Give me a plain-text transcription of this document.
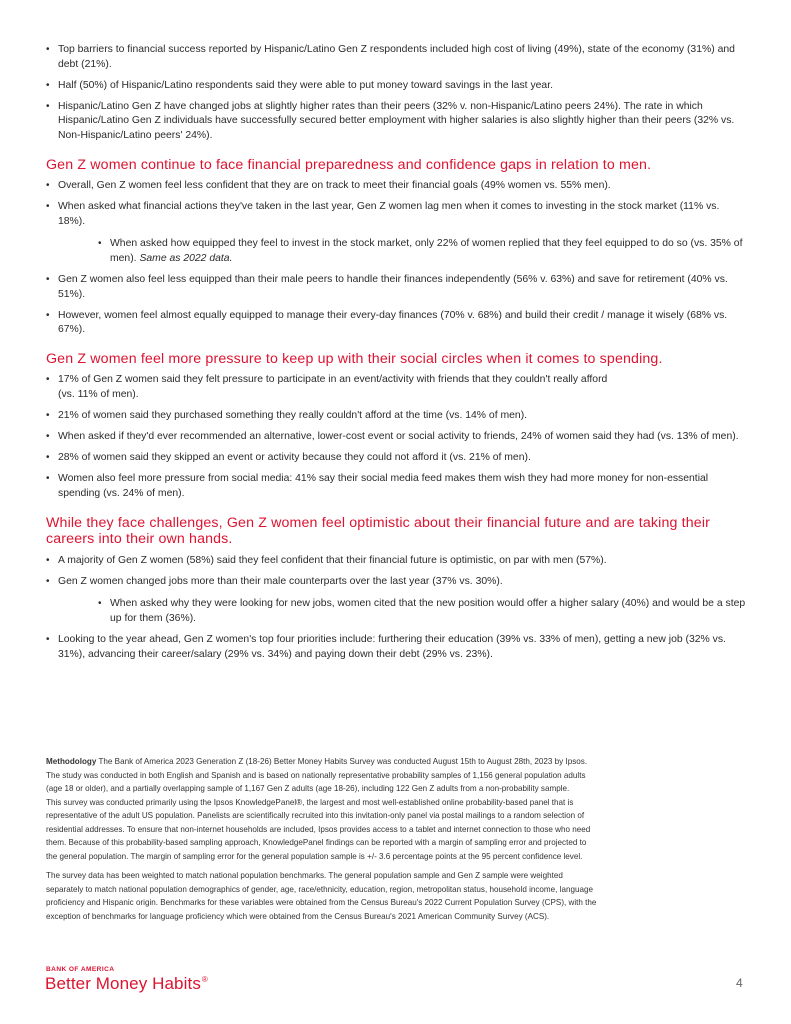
• Top barriers to financial success reported by Hispanic/Latino Gen Z respondents included high cost of living (49%), state of the economy (31%) and debt (21%).
• Half (50%) of Hispanic/Latino respondents said they were able to put money toward savings in the last year.
• Hispanic/Latino Gen Z have changed jobs at slightly higher rates than their peers (32% v. non-Hispanic/Latino peers 24%). The rate in which Hispanic/Latino Gen Z individuals have successfully secured better employment with higher salaries is also slightly higher than their peers (32% vs. Non-Hispanic/Latino peers' 24%).
Gen Z women continue to face financial preparedness and confidence gaps in relation to men.
• Overall, Gen Z women feel less confident that they are on track to meet their financial goals (49% women vs. 55% men).
• When asked what financial actions they've taken in the last year, Gen Z women lag men when it comes to investing in the stock market (11% vs. 18%).
• When asked how equipped they feel to invest in the stock market, only 22% of women replied that they feel equipped to do so (vs. 35% of men). Same as 2022 data.
• Gen Z women also feel less equipped than their male peers to handle their finances independently (56% v. 63%) and save for retirement (40% vs. 51%).
• However, women feel almost equally equipped to manage their every-day finances (70% v. 68%) and build their credit / manage it wisely (68% vs. 67%).
Gen Z women feel more pressure to keep up with their social circles when it comes to spending.
• 17% of Gen Z women said they felt pressure to participate in an event/activity with friends that they couldn't really afford
(vs. 11% of men).
• 21% of women said they purchased something they really couldn't afford at the time (vs. 14% of men).
• When asked if they'd ever recommended an alternative, lower-cost event or social activity to friends, 24% of women said they had (vs. 13% of men).
• 28% of women said they skipped an event or activity because they could not afford it (vs. 21% of men).
• Women also feel more pressure from social media: 41% say their social media feed makes them wish they had more money for non-essential spending (vs. 24% of men).
While they face challenges, Gen Z women feel optimistic about their financial future and are taking their careers into their own hands.
• A majority of Gen Z women (58%) said they feel confident that their financial future is optimistic, on par with men (57%).
• Gen Z women changed jobs more than their male counterparts over the last year (37% vs. 30%).
• When asked why they were looking for new jobs, women cited that the new position would offer a higher salary (40%) and would be a step up for them (36%).
• Looking to the year ahead, Gen Z women's top four priorities include: furthering their education (39% vs. 33% of men), getting a new job (32% vs. 31%), advancing their career/salary (29% vs. 34%) and paying down their debt (29% vs. 23%).

Methodology The Bank of America 2023 Generation Z (18-26) Better Money Habits Survey was conducted August 15th to August 28th, 2023 by Ipsos.
The study was conducted in both English and Spanish and is based on nationally representative probability samples of 1,156 general population adults
(age 18 or older), and a partially overlapping sample of 1,167 Gen Z adults (age 18-26), including 122 Gen Z adults from a non-probability sample.
This survey was conducted primarily using the Ipsos KnowledgePanel®, the largest and most well-established online probability-based panel that is
representative of the adult US population. Panelists are scientifically recruited into this invitation-only panel via postal mailings to a random selection of
residential addresses. To ensure that non-internet households are included, Ipsos provides access to a tablet and internet connection to those who need
them. Because of this probability-based sampling approach, KnowledgePanel findings can be reported with a margin of sampling error and projected to
the general population. The margin of sampling error for the general population sample is +/- 3.6 percentage points at the 95 percent confidence level.

The survey data has been weighted to match national population benchmarks. The general population sample and Gen Z sample were weighted
separately to match national population demographics of gender, age, race/ethnicity, education, region, metropolitan status, household income, language
proficiency and Hispanic origin. Benchmarks for these variables were obtained from the Census Bureau's 2022 Current Population Survey (CPS), with the
exception of benchmarks for language proficiency which were obtained from the Census Bureau's 2021 American Community Survey (ACS).

BANK OF AMERICA
Better Money Habits®	4
